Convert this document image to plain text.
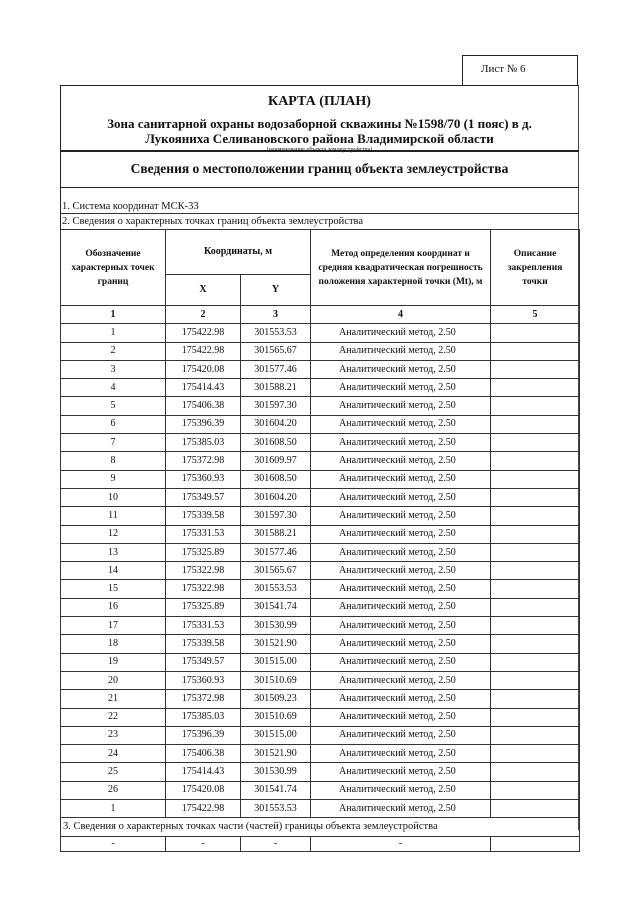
Лист № 6
КАРТА (ПЛАН)
Зона санитарной охраны водозаборной скважины №1598/70 (1 пояс) в д.
Лукояниха Селивановского района Владимирской области
(наименование объекта землеустройства)
Сведения о местоположении границ объекта землеустройства
1. Система координат МСК-33
2. Сведения о характерных точках границ объекта землеустройства
Обозначение характерных точек границ	Координаты, м		Метод определения координат и средняя квадратическая погрешность положения характерной точки (Mt), м	Описание закрепления точки
	X	Y		
1	2	3	4	5
1	175422.98	301553.53	Аналитический метод, 2.50	
2	175422.98	301565.67	Аналитический метод, 2.50	
3	175420.08	301577.46	Аналитический метод, 2.50	
4	175414.43	301588.21	Аналитический метод, 2.50	
5	175406.38	301597.30	Аналитический метод, 2.50	
6	175396.39	301604.20	Аналитический метод, 2.50	
7	175385.03	301608.50	Аналитический метод, 2.50	
8	175372.98	301609.97	Аналитический метод, 2.50	
9	175360.93	301608.50	Аналитический метод, 2.50	
10	175349.57	301604.20	Аналитический метод, 2.50	
11	175339.58	301597.30	Аналитический метод, 2.50	
12	175331.53	301588.21	Аналитический метод, 2.50	
13	175325.89	301577.46	Аналитический метод, 2.50	
14	175322.98	301565.67	Аналитический метод, 2.50	
15	175322.98	301553.53	Аналитический метод, 2.50	
16	175325.89	301541.74	Аналитический метод, 2.50	
17	175331.53	301530.99	Аналитический метод, 2.50	
18	175339.58	301521.90	Аналитический метод, 2.50	
19	175349.57	301515.00	Аналитический метод, 2.50	
20	175360.93	301510.69	Аналитический метод, 2.50	
21	175372.98	301509.23	Аналитический метод, 2.50	
22	175385.03	301510.69	Аналитический метод, 2.50	
23	175396.39	301515.00	Аналитический метод, 2.50	
24	175406.38	301521.90	Аналитический метод, 2.50	
25	175414.43	301530.99	Аналитический метод, 2.50	
26	175420.08	301541.74	Аналитический метод, 2.50	
1	175422.98	301553.53	Аналитический метод, 2.50	
3. Сведения о характерных точках части (частей) границы объекта землеустройства				
-	-	-	-	
